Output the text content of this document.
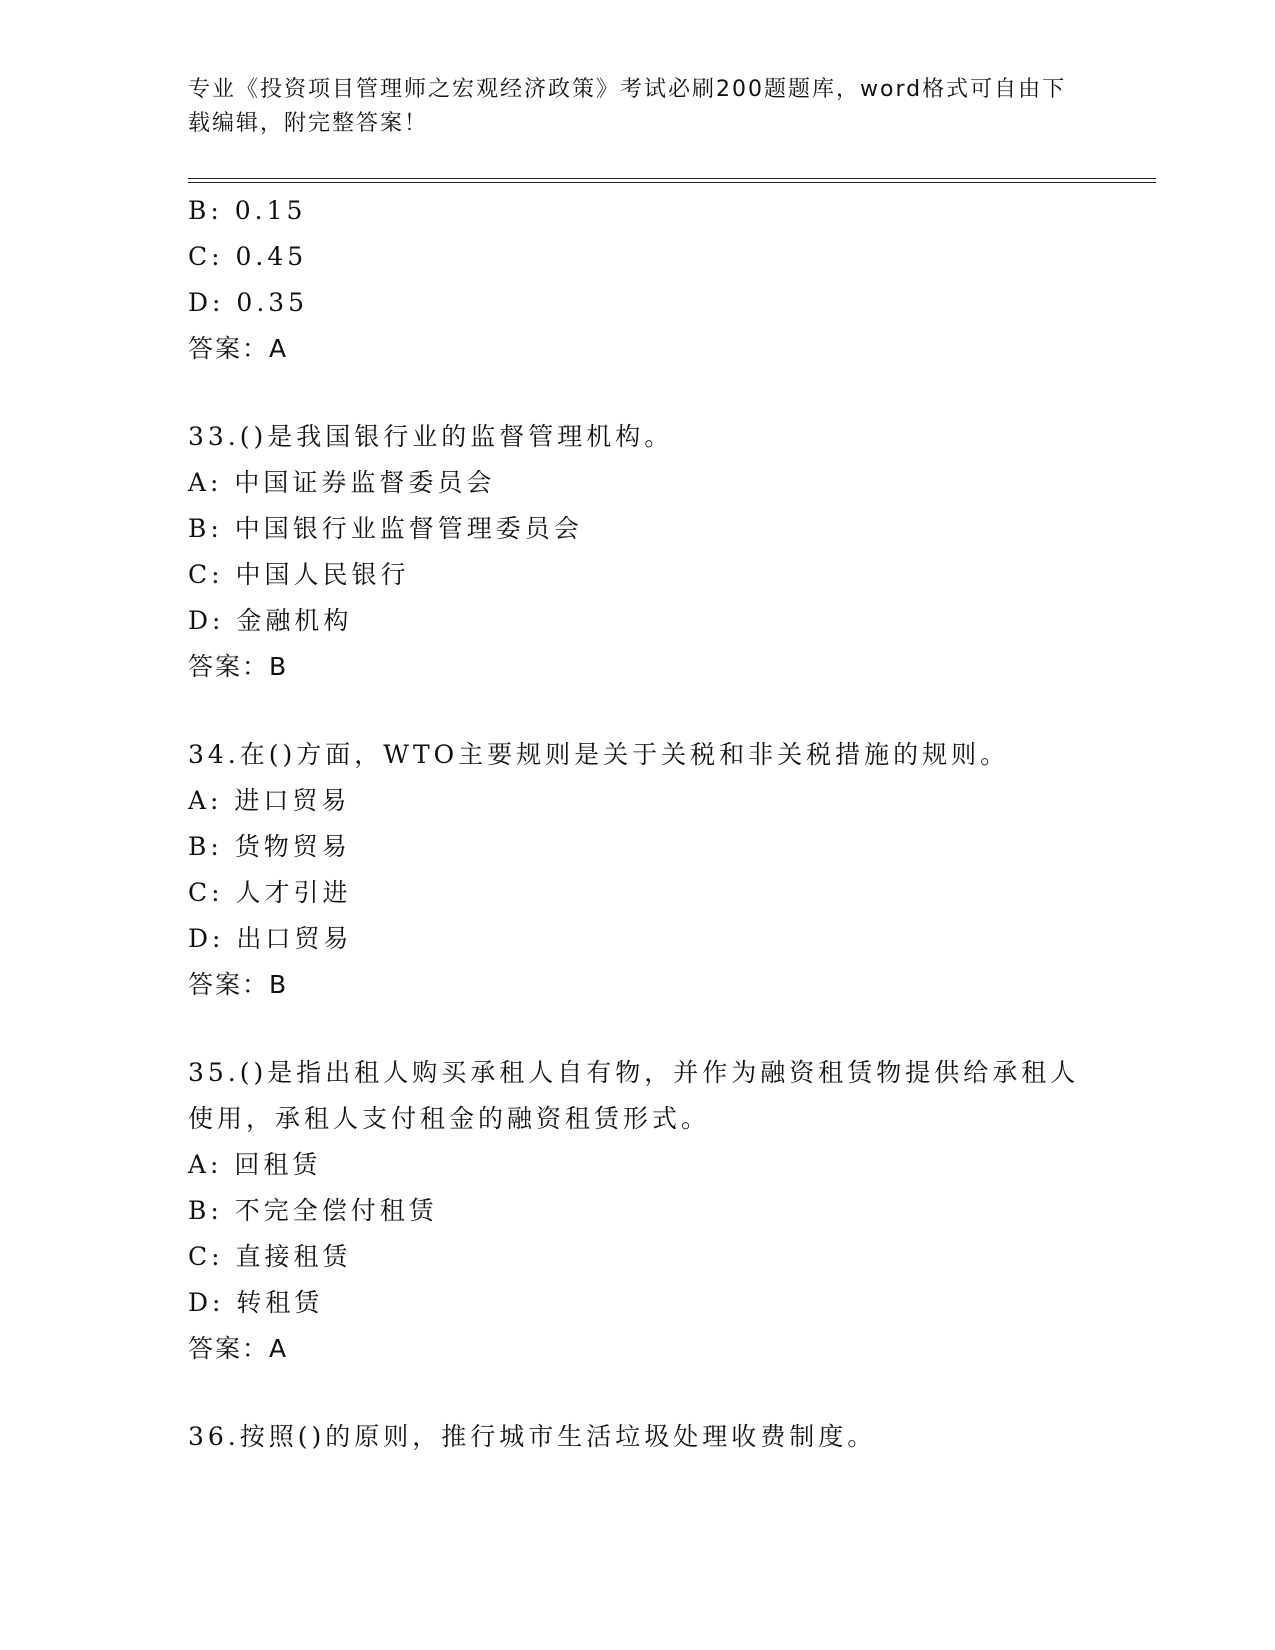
专业《投资项目管理师之宏观经济政策》考试必刷200题题库，word格式可自由下载编辑，附完整答案！
B: 0.15
C: 0.45
D: 0.35
答案：A
33.()是我国银行业的监督管理机构。
A: 中国证券监督委员会
B: 中国银行业监督管理委员会
C: 中国人民银行
D: 金融机构
答案：B
34.在()方面，WTO主要规则是关于关税和非关税措施的规则。
A: 进口贸易
B: 货物贸易
C: 人才引进
D: 出口贸易
答案：B
35.()是指出租人购买承租人自有物，并作为融资租赁物提供给承租人
使用，承租人支付租金的融资租赁形式。
A: 回租赁
B: 不完全偿付租赁
C: 直接租赁
D: 转租赁
答案：A
36.按照()的原则，推行城市生活垃圾处理收费制度。
